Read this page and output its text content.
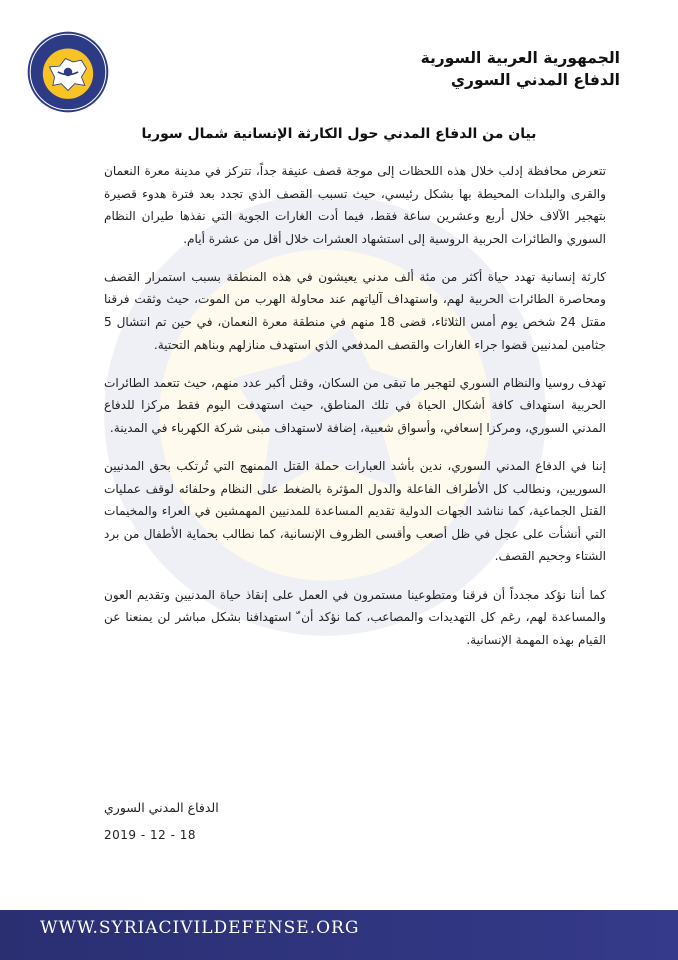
الجمهورية العربية السورية
الدفاع المدني السوري
بيان من الدفاع المدني حول الكارثة الإنسانية شمال سوريا

تتعرض محافظة إدلب خلال هذه اللحظات إلى موجة قصف عنيفة جداً، تتركز في مدينة معرة النعمان والقرى والبلدات المحيطة بها بشكل رئيسي، حيث تسبب القصف الذي تجدد بعد فترة هدوء قصيرة بتهجير الآلاف خلال أربع وعشرين ساعة فقط، فيما أدت الغارات الجوية التي نفذها طيران النظام السوري والطائرات الحربية الروسية إلى استشهاد العشرات خلال أقل من عشرة أيام.

كارثة إنسانية تهدد حياة أكثر من مئة ألف مدني يعيشون في هذه المنطقة بسبب استمرار القصف ومحاصرة الطائرات الحربية لهم، واستهداف آلياتهم عند محاولة الهرب من الموت، حيث وثقت فرقنا مقتل 24 شخص يوم أمس الثلاثاء، قضى 18 منهم في منطقة معرة النعمان، في حين تم انتشال 5 جثامين لمدنيين قضوا جراء الغارات والقصف المدفعي الذي استهدف منازلهم وبناهم التحتية.

تهدف روسيا والنظام السوري لتهجير ما تبقى من السكان، وقتل أكبر عدد منهم، حيث تتعمد الطائرات الحربية استهداف كافة أشكال الحياة في تلك المناطق، حيث استهدفت اليوم فقط مركزا للدفاع المدني السوري، ومركزا إسعافي، وأسواق شعبية، إضافة لاستهداف مبنى شركة الكهرباء في المدينة.

إننا في الدفاع المدني السوري، ندين بأشد العبارات حملة القتل الممنهج التي تُرتكب بحق المدنيين السوريين، ونطالب كل الأطراف الفاعلة والدول المؤثرة بالضغط على النظام وحلفائه لوقف عمليات القتل الجماعية، كما نناشد الجهات الدولية تقديم المساعدة للمدنيين المهمشين في العراء والمخيمات التي أنشأت على عجل في ظل أصعب وأقسى الظروف الإنسانية، كما نطالب بحماية الأطفال من برد الشتاء وجحيم القصف.

كما أننا نؤكد مجدداً أن فرقنا ومتطوعينا مستمرون في العمل على إنقاذ حياة المدنيين وتقديم العون والمساعدة لهم، رغم كل التهديدات والمصاعب، كما نؤكد أن ّ استهدافنا بشكل مباشر لن يمنعنا عن القيام بهذه المهمة الإنسانية.

الدفاع المدني السوري
2019 - 12 - 18
WWW.SYRIACIVILDEFENSE.ORG
